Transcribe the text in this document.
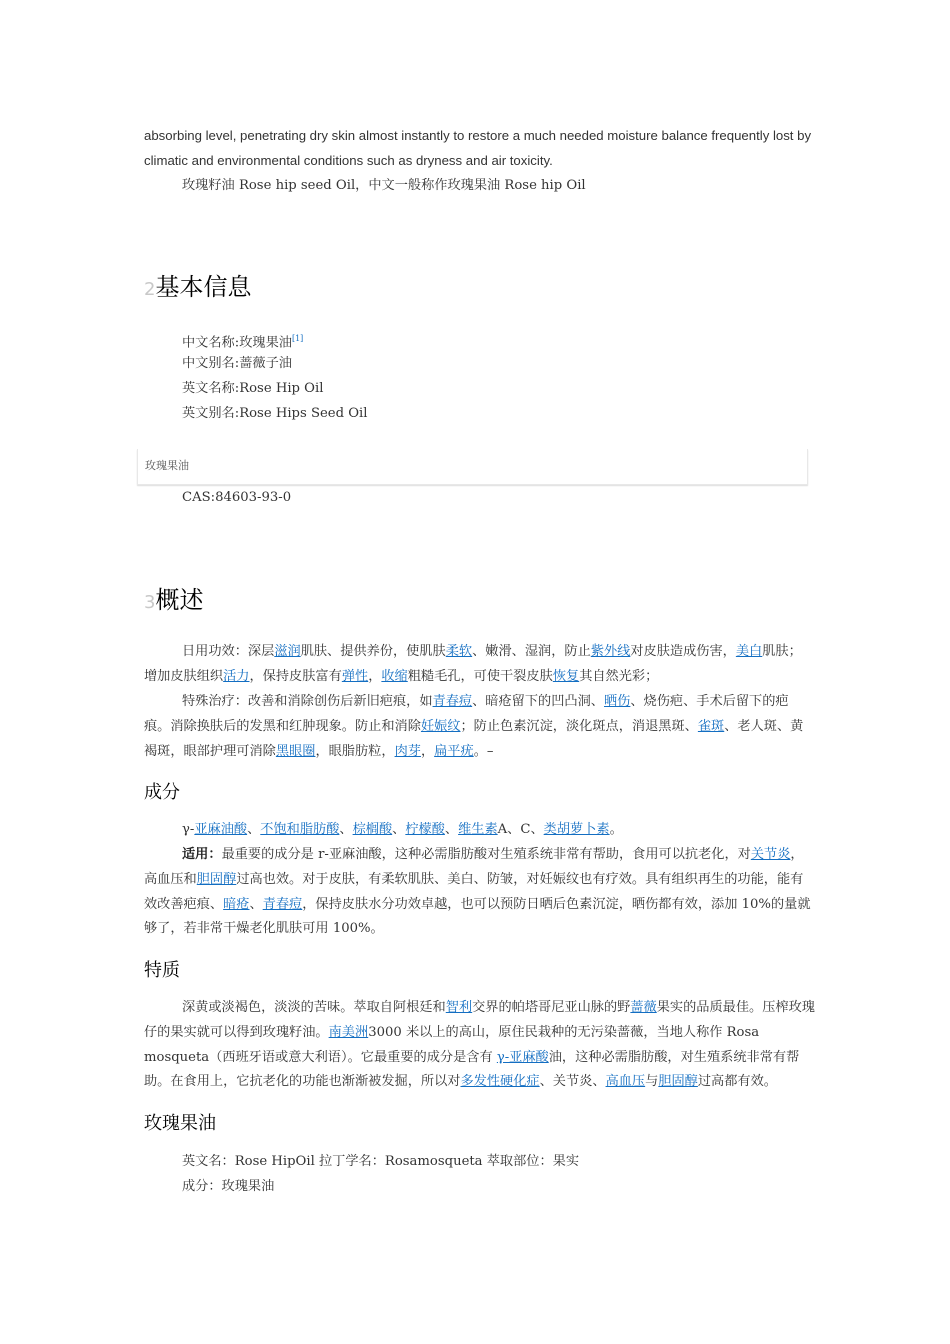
absorbing level, penetrating dry skin almost instantly to restore a much needed moisture balance frequently lost by climatic and environmental conditions such as dryness and air toxicity.
玫瑰籽油 Rose hip seed Oil，中文一般称作玫瑰果油 Rose hip Oil
2基本信息
中文名称:玫瑰果油[1]
中文别名:蔷薇子油
英文名称:Rose Hip Oil
英文别名:Rose Hips Seed Oil
玫瑰果油
CAS:84603-93-0
3概述
日用功效：深层滋润肌肤、提供养份，使肌肤柔软、嫩滑、湿润，防止紫外线对皮肤造成伤害，美白肌肤；增加皮肤组织活力，保持皮肤富有弹性，收缩粗糙毛孔，可使干裂皮肤恢复其自然光彩；
特殊治疗：改善和消除创伤后新旧疤痕，如青春痘、暗疮留下的凹凸洞、晒伤、烧伤疤、手术后留下的疤痕。消除换肤后的发黑和红肿现象。防止和消除妊娠纹；防止色素沉淀，淡化斑点，消退黑斑、雀斑、老人斑、黄褐斑，眼部护理可消除黑眼圈，眼脂肪粒，肉芽，扁平疣。–
成分
γ-亚麻油酸、不饱和脂肪酸、棕榈酸、柠檬酸、维生素A、C、类胡萝卜素。
适用：最重要的成分是 r-亚麻油酸，这种必需脂肪酸对生殖系统非常有帮助，食用可以抗老化，对关节炎，高血压和胆固醇过高也效。对于皮肤，有柔软肌肤、美白、防皱，对妊娠纹也有疗效。具有组织再生的功能，能有效改善疤痕、暗疮、青春痘，保持皮肤水分功效卓越，也可以预防日晒后色素沉淀，晒伤都有效，添加 10%的量就够了，若非常干燥老化肌肤可用 100%。
特质
深黄或淡褐色，淡淡的苦味。萃取自阿根廷和智利交界的帕塔哥尼亚山脉的野蔷薇果实的品质最佳。压榨玫瑰仔的果实就可以得到玫瑰籽油。南美洲3000 米以上的高山，原住民栽种的无污染蔷薇，当地人称作 Rosa mosqueta（西班牙语或意大利语）。它最重要的成分是含有 γ-亚麻酸油，这种必需脂肪酸，对生殖系统非常有帮助。在食用上，它抗老化的功能也渐渐被发掘，所以对多发性硬化症、关节炎、高血压与胆固醇过高都有效。
玫瑰果油
英文名：Rose HipOil 拉丁学名：Rosamosqueta 萃取部位：果实
成分：玫瑰果油
